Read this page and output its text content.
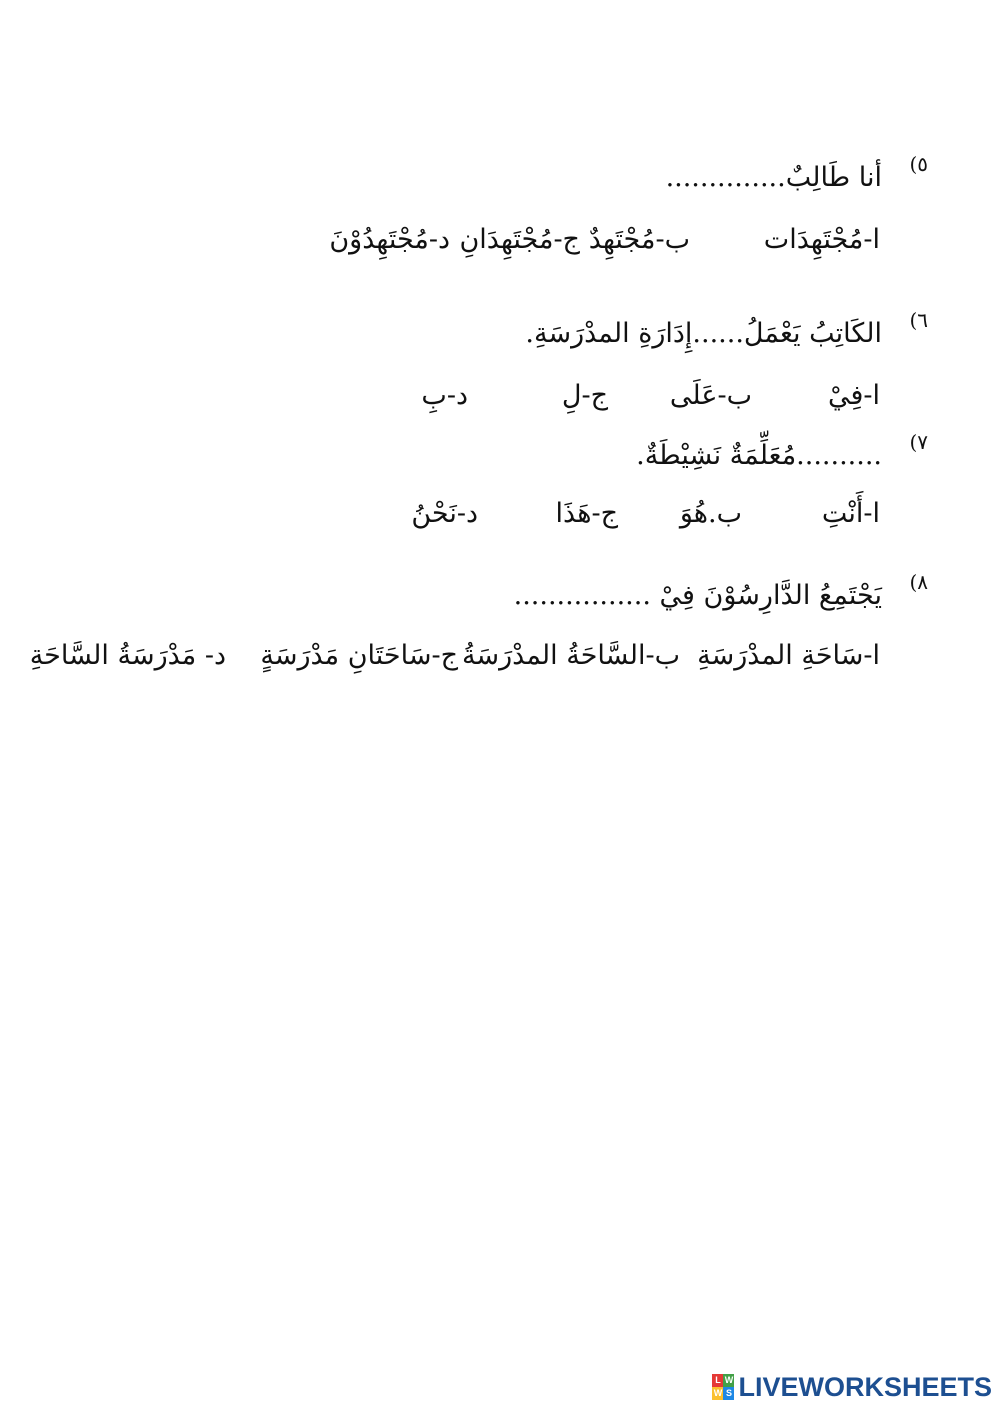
٥)
أنا طَالِبٌ..............
ا-مُجْتَهِدَات
ب-مُجْتَهِدٌ
ج-مُجْتَهِدَانِ
د-مُجْتَهِدُوْنَ
٦)
الكَاتِبُ يَعْمَلُ......إِدَارَةِ المدْرَسَةِ.
ا-فِيْ
ب-عَلَى
ج-لِ
د-بِ
٧)
..........مُعَلِّمَةٌ نَشِيْطَةٌ.
ا-أَنْتِ
ب.هُوَ
ج-هَذَا
د-نَحْنُ
٨)
يَجْتَمِعُ الدَّارِسُوْنَ فِيْ ................
ا-سَاحَةِ المدْرَسَةِ
ب-السَّاحَةُ المدْرَسَةُ
ج-سَاحَتَانِ مَدْرَسَةٍ
د- مَدْرَسَةُ السَّاحَةِ
L W
W S LIVEWORKSHEETS
